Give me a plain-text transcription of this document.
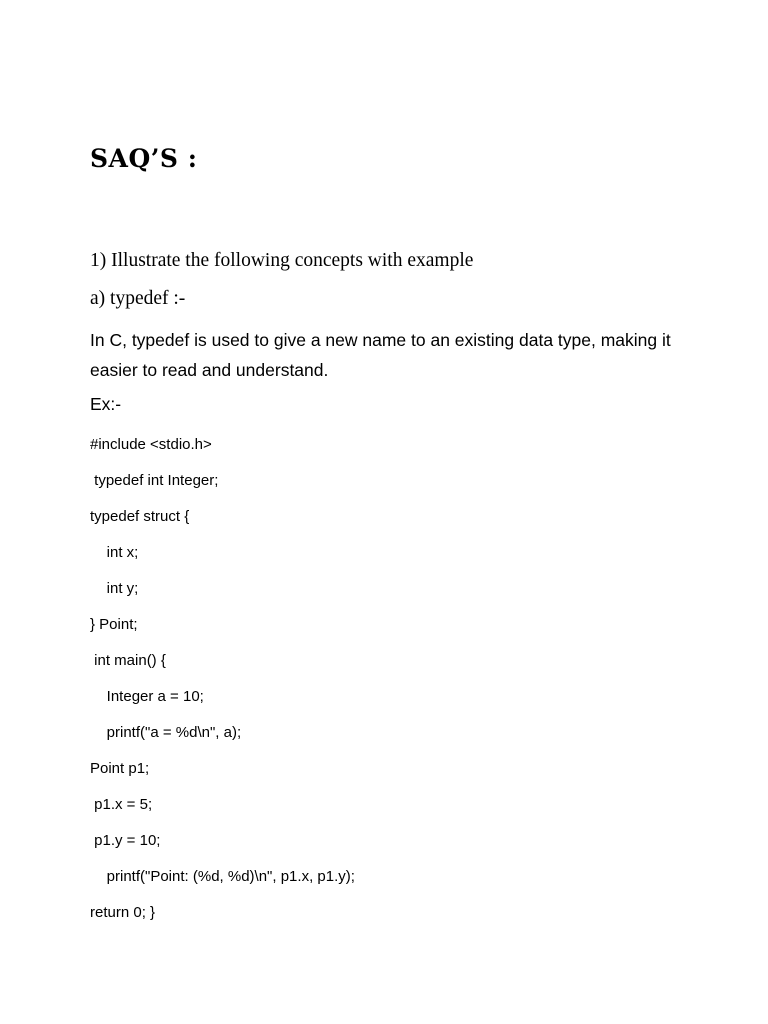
SAQ’S :
1) Illustrate the following concepts with example
a) typedef :-

In C, typedef is used to give a new name to an existing data type, making it easier to read and understand.

Ex:-
#include <stdio.h>
typedef int Integer;
typedef struct {
int x;
int y;
} Point;
int main() {
Integer a = 10;
printf("a = %d\n", a);
Point p1;
p1.x = 5;
p1.y = 10;
printf("Point: (%d, %d)\n", p1.x, p1.y);
return 0; }
